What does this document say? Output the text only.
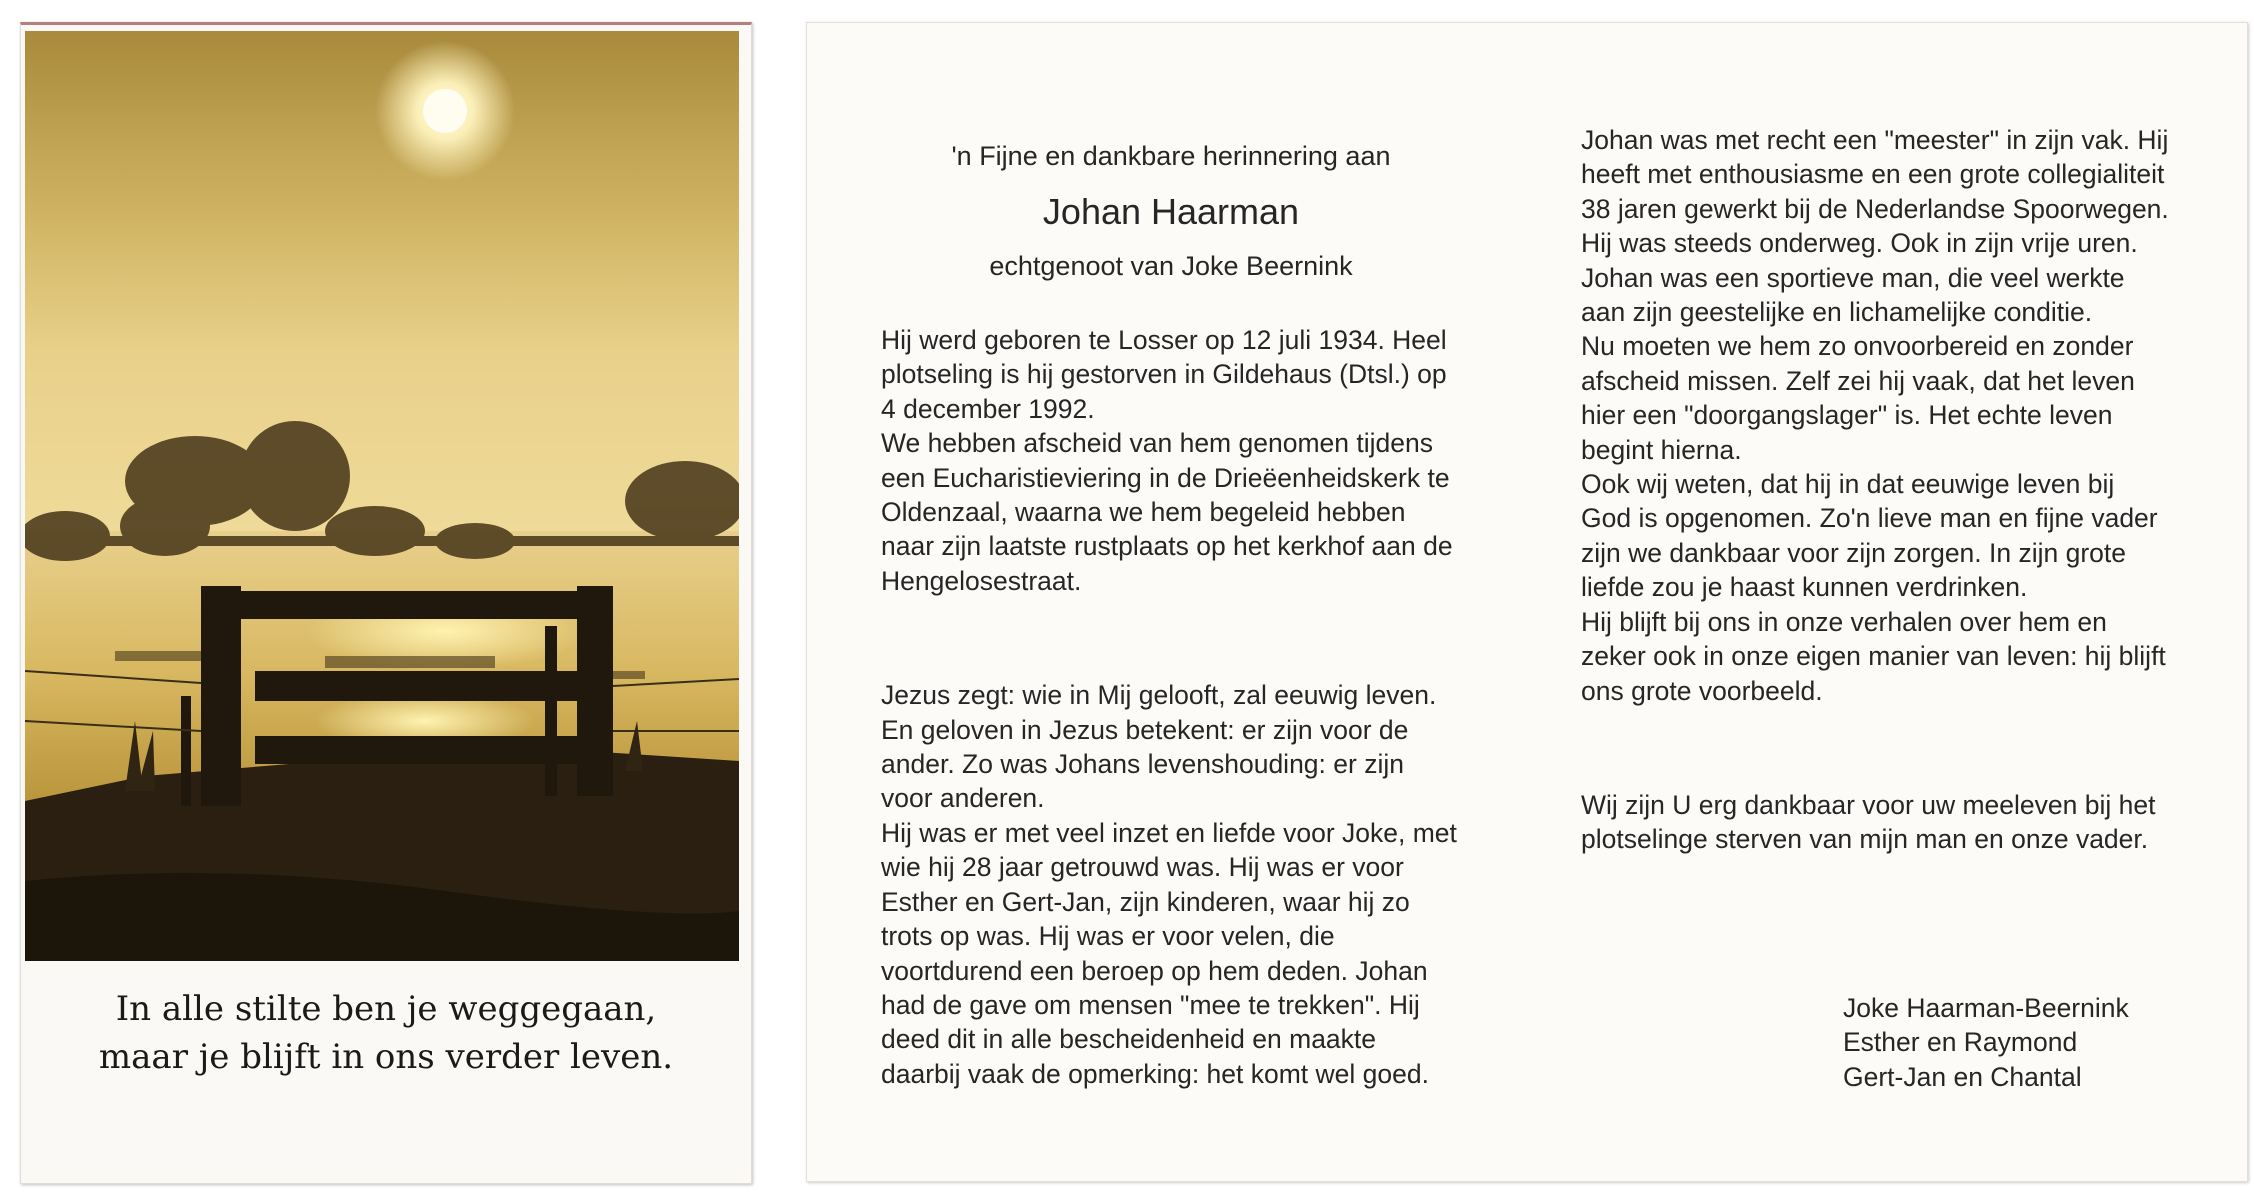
In alle stilte ben je weggegaan,
maar je blijft in ons verder leven.
'n Fijne en dankbare herinnering aan
Johan Haarman
echtgenoot van Joke Beernink

Hij werd geboren te Losser op 12 juli 1934. Heel plotseling is hij gestorven in Gildehaus (Dtsl.) op 4 december 1992.

We hebben afscheid van hem genomen tijdens een Eucharistieviering in de Drieëenheidskerk te Oldenzaal, waarna we hem begeleid hebben naar zijn laatste rustplaats op het kerkhof aan de Hengelosestraat.

Jezus zegt: wie in Mij gelooft, zal eeuwig leven. En geloven in Jezus betekent: er zijn voor de ander. Zo was Johans levenshouding: er zijn voor anderen.

Hij was er met veel inzet en liefde voor Joke, met wie hij 28 jaar getrouwd was. Hij was er voor Esther en Gert-Jan, zijn kinderen, waar hij zo trots op was. Hij was er voor velen, die voortdurend een beroep op hem deden. Johan had de gave om mensen "mee te trekken". Hij deed dit in alle bescheidenheid en maakte daarbij vaak de opmerking: het komt wel goed.

Johan was met recht een "meester" in zijn vak. Hij heeft met enthousiasme en een grote collegialiteit 38 jaren gewerkt bij de Nederlandse Spoorwegen. Hij was steeds onderweg. Ook in zijn vrije uren. Johan was een sportieve man, die veel werkte aan zijn geestelijke en lichamelijke conditie.

Nu moeten we hem zo onvoorbereid en zonder afscheid missen. Zelf zei hij vaak, dat het leven hier een "doorgangslager" is. Het echte leven begint hierna.

Ook wij weten, dat hij in dat eeuwige leven bij God is opgenomen. Zo'n lieve man en fijne vader zijn we dankbaar voor zijn zorgen. In zijn grote liefde zou je haast kunnen verdrinken.

Hij blijft bij ons in onze verhalen over hem en zeker ook in onze eigen manier van leven: hij blijft ons grote voorbeeld.

Wij zijn U erg dankbaar voor uw meeleven bij het plotselinge sterven van mijn man en onze vader.

Joke Haarman-Beernink
Esther en Raymond
Gert-Jan en Chantal
